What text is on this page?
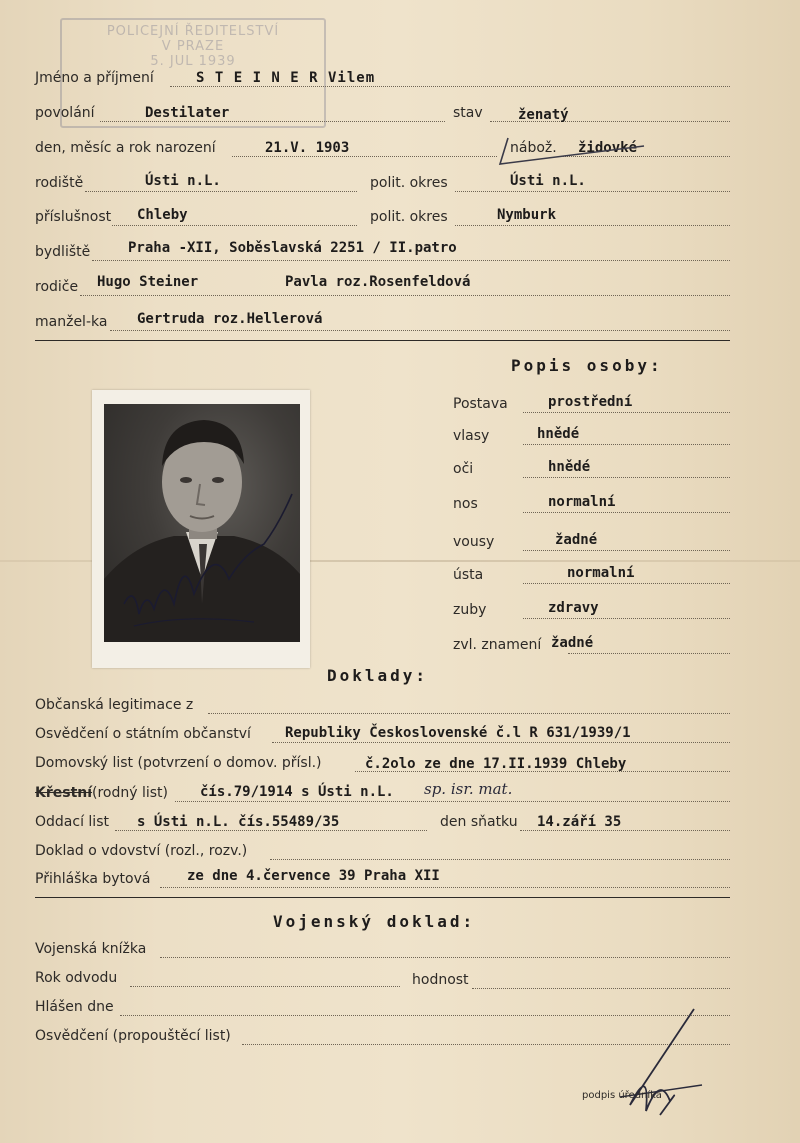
POLICEJNÍ ŘEDITELSTVÍ
V PRAZE
5. JUL 1939
Jméno a příjmení	S T E I N E R Vilem
povolání	Destilater	stav	ženatý
den, měsíc a rok narození	21.V. 1903	nábož. židovké
rodiště	Ústi n.L.	polit. okres	Ústi n.L.
příslušnost Chleby	polit. okres	Nymburk
bydliště	Praha -XII, Soběslavská 2251 / II.patro
rodiče Hugo Steiner	Pavla roz.Rosenfeldová
manžel-ka Gertruda roz.Hellerová
Popis osoby:
Postava	prostřední
vlasy	hnědé
oči	hnědé
nos	normalní
vousy	žadné
ústa	normalní
zuby	zdravy
zvl. znamení žadné
Doklady:
Občanská legitimace z
Osvědčení o státním občanství Republiky Československé č.l R 631/1939/1
Domovský list (potvrzení o domov. přísl.)	č.2olo ze dne 17.II.1939 Chleby
Křestní (rodný list) čís.79/1914 s Ústi n.L. sp. isr. mat.
Oddací list s Ústi n.L. čís.55489/35	den sňatku 14.září 35
Doklad o vdovství (rozl., rozv.)
Přihláška bytová	ze dne 4.července 39 Praha XII
Vojenský doklad:
Vojenská knížka
Rok odvodu	hodnost
Hlášen dne
Osvědčení (propouštěcí list)
podpis úředníka
